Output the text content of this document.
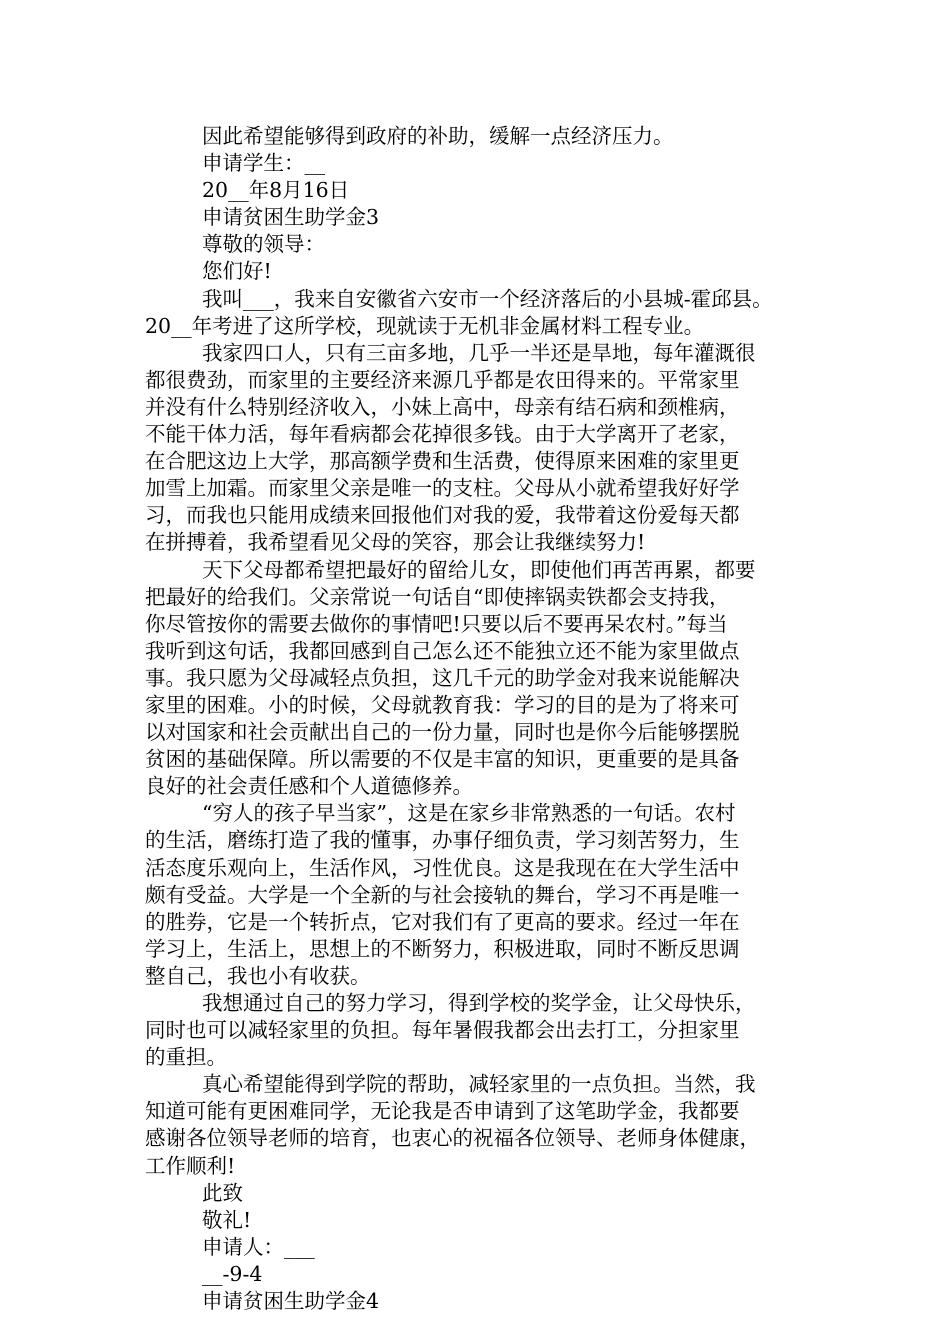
因此希望能够得到政府的补助，缓解一点经济压力。

申请学生：__

20__年8月16日

申请贫困生助学金3

尊敬的领导：

您们好!

我叫___，我来自安徽省六安市一个经济落后的小县城-霍邱县。

20__年考进了这所学校，现就读于无机非金属材料工程专业。

我家四口人，只有三亩多地，几乎一半还是旱地，每年灌溉很

都很费劲，而家里的主要经济来源几乎都是农田得来的。平常家里

并没有什么特别经济收入，小妹上高中，母亲有结石病和颈椎病，

不能干体力活，每年看病都会花掉很多钱。由于大学离开了老家，

在合肥这边上大学，那高额学费和生活费，使得原来困难的家里更

加雪上加霜。而家里父亲是唯一的支柱。父母从小就希望我好好学

习，而我也只能用成绩来回报他们对我的爱，我带着这份爱每天都

在拼搏着，我希望看见父母的笑容，那会让我继续努力!

天下父母都希望把最好的留给儿女，即使他们再苦再累，都要

把最好的给我们。父亲常说一句话自“即使摔锅卖铁都会支持我，

你尽管按你的需要去做你的事情吧!只要以后不要再呆农村。”每当

我听到这句话，我都回感到自己怎么还不能独立还不能为家里做点

事。我只愿为父母减轻点负担，这几千元的助学金对我来说能解决

家里的困难。小的时候，父母就教育我：学习的目的是为了将来可

以对国家和社会贡献出自己的一份力量，同时也是你今后能够摆脱

贫困的基础保障。所以需要的不仅是丰富的知识，更重要的是具备

良好的社会责任感和个人道德修养。

“穷人的孩子早当家”，这是在家乡非常熟悉的一句话。农村

的生活，磨练打造了我的懂事，办事仔细负责，学习刻苦努力，生

活态度乐观向上，生活作风，习性优良。这是我现在在大学生活中

颇有受益。大学是一个全新的与社会接轨的舞台，学习不再是唯一

的胜券，它是一个转折点，它对我们有了更高的要求。经过一年在

学习上，生活上，思想上的不断努力，积极进取，同时不断反思调

整自己，我也小有收获。

我想通过自己的努力学习，得到学校的奖学金，让父母快乐，

同时也可以减轻家里的负担。每年暑假我都会出去打工，分担家里

的重担。

真心希望能得到学院的帮助，减轻家里的一点负担。当然，我

知道可能有更困难同学，无论我是否申请到了这笔助学金，我都要

感谢各位领导老师的培育，也衷心的祝福各位领导、老师身体健康，

工作顺利!

此致

敬礼!

申请人：___

__-9-4

申请贫困生助学金4
